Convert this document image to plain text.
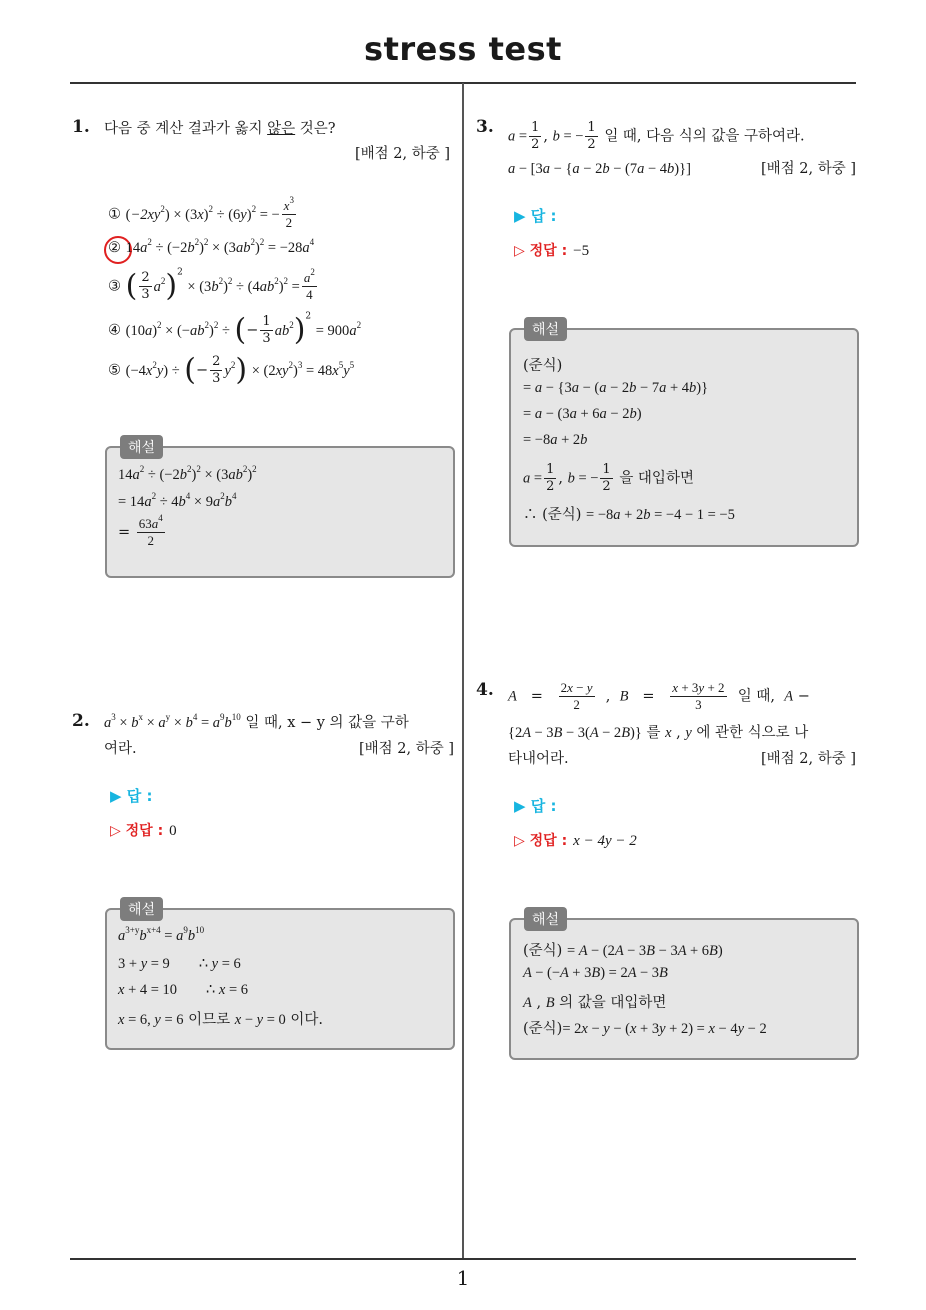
stress test
1
1. 다음 중 계산 결과가 옳지 않은 것은?
[배점 2, 하중 ]
① $(-2xy^2) \times (3x)^2 \div (6y)^2$ = − $\frac{x^3}{2}$
② $14a^2 \div (-2b^2)^2 \times (3ab^2)^2 = -28a^4$
③ ( $\frac{2}{3} a^2)^2 \times (3b^2)^2 \div (4ab^2)^2 = \frac{a^2}{4}$
④ $(10a)^2 \times (-ab^2)^2$ ÷ (− $\frac{1}{3} ab^2)^2 = 900a^2$
⑤ $(-4x^2y)$ ÷ (− $\frac{2}{3} y^2) \times (2xy^2)^3 = 48x^5y^5$
해설
$14a^2 \div (-2b^2)^2 \times (3ab^2)^2$
= $14a^2 \div 4b^4 \times 9a^2b^4$
= $\frac{63a^4}{2}$
2. $a^3 \times b^x \times a^y \times b^4 = a^9b^{10}$ 일 때, x − y 의 값을 구하
여라.	[배점 2, 하중 ]
▶ 답 :
▷ 정답 : 0
해설
$a^{3+y}b^{x+4} = a^9b^{10}$
3 + y = 9 ∴ y = 6
x + 4 = 10 ∴ x = 6
x = 6, y = 6 이므로 x − y = 0 이다.
3. $a = \frac{1}{2}$ , b = − $\frac{1}{2}$ 일 때, 다음 식의 값을 구하여라.
a − [3a − {a − 2b − (7a − 4b)}]	[배점 2, 하중 ]
▶ 답 :
▷ 정답 : −5
해설
(준식)
= a − {3a − (a − 2b − 7a + 4b)}
= a − (3a + 6a − 2b)
= −8a + 2b
$a = \frac{1}{2}$ , b = − $\frac{1}{2}$ 을 대입하면
∴ (준식) = −8a + 2b = −4 − 1 = −5
4. $A = \frac{2x - y}{2}$ , $B = \frac{x + 3y + 2}{3}$ 일 때, A −
{2A − 3B − 3(A − 2B)} 를 x , y 에 관한 식으로 나
타내어라.	[배점 2, 하중 ]
▶ 답 :
▷ 정답 : x − 4y − 2
해설
(준식) = A − (2A − 3B − 3A + 6B)
A − (−A + 3B) = 2A − 3B
A , B 의 값을 대입하면
(준식)= 2x − y − (x + 3y + 2) = x − 4y − 2
